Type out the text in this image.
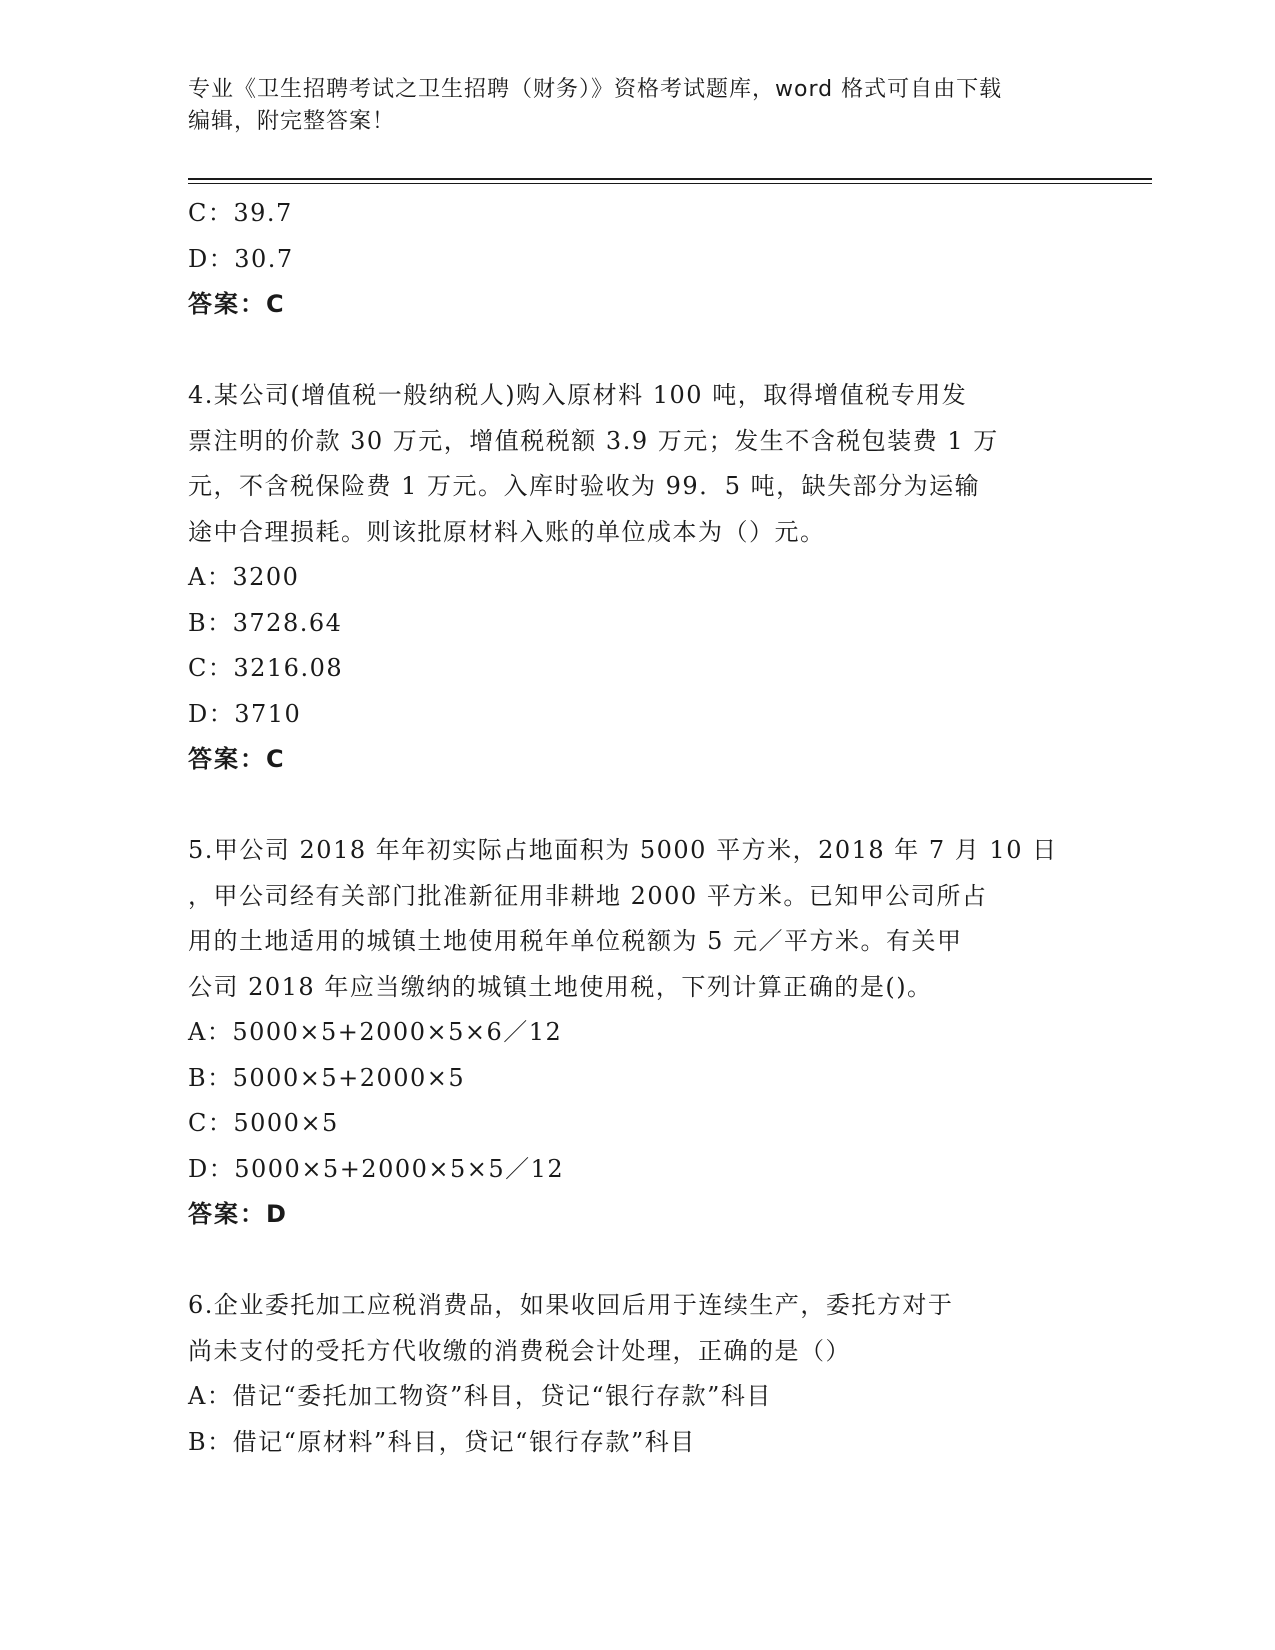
专业《卫生招聘考试之卫生招聘（财务）》资格考试题库，word 格式可自由下载
编辑，附完整答案！
C：39.7
D：30.7
答案：C
4.某公司(增值税一般纳税人)购入原材料 100 吨，取得增值税专用发
票注明的价款 30 万元，增值税税额 3.9 万元；发生不含税包装费 1 万
元，不含税保险费 1 万元。入库时验收为 99．5 吨，缺失部分为运输
途中合理损耗。则该批原材料入账的单位成本为（）元。
A：3200
B：3728.64
C：3216.08
D：3710
答案：C
5.甲公司 2018 年年初实际占地面积为 5000 平方米，2018 年 7 月 10 日
，甲公司经有关部门批准新征用非耕地 2000 平方米。已知甲公司所占
用的土地适用的城镇土地使用税年单位税额为 5 元／平方米。有关甲
公司 2018 年应当缴纳的城镇土地使用税，下列计算正确的是()。
A：5000×5+2000×5×6／12
B：5000×5+2000×5
C：5000×5
D：5000×5+2000×5×5／12
答案：D
6.企业委托加工应税消费品，如果收回后用于连续生产，委托方对于
尚未支付的受托方代收缴的消费税会计处理，正确的是（）
A：借记“委托加工物资”科目，贷记“银行存款”科目
B：借记“原材料”科目，贷记“银行存款”科目
